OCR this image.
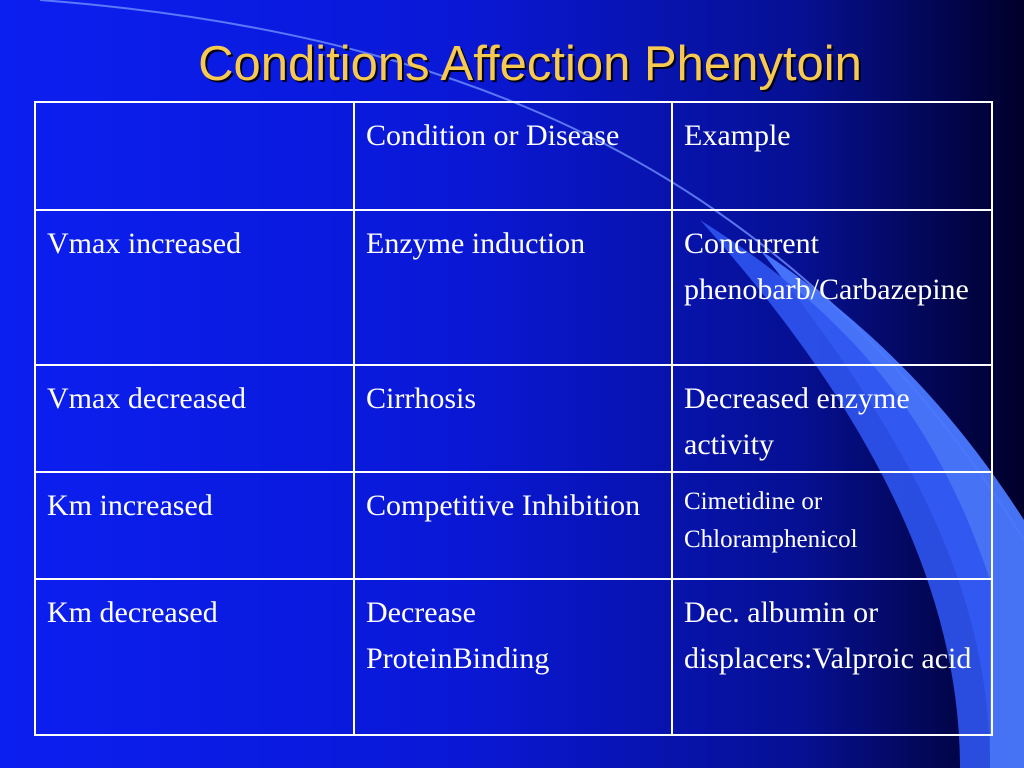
Conditions Affection Phenytoin
	Condition or Disease	Example
Vmax increased	Enzyme induction	Concurrent phenobarb/Carbazepine
Vmax decreased	Cirrhosis	Decreased enzyme activity
Km increased	Competitive Inhibition	Cimetidine or Chloramphenicol
Km decreased	Decrease ProteinBinding	Dec. albumin or displacers:Valproic acid
